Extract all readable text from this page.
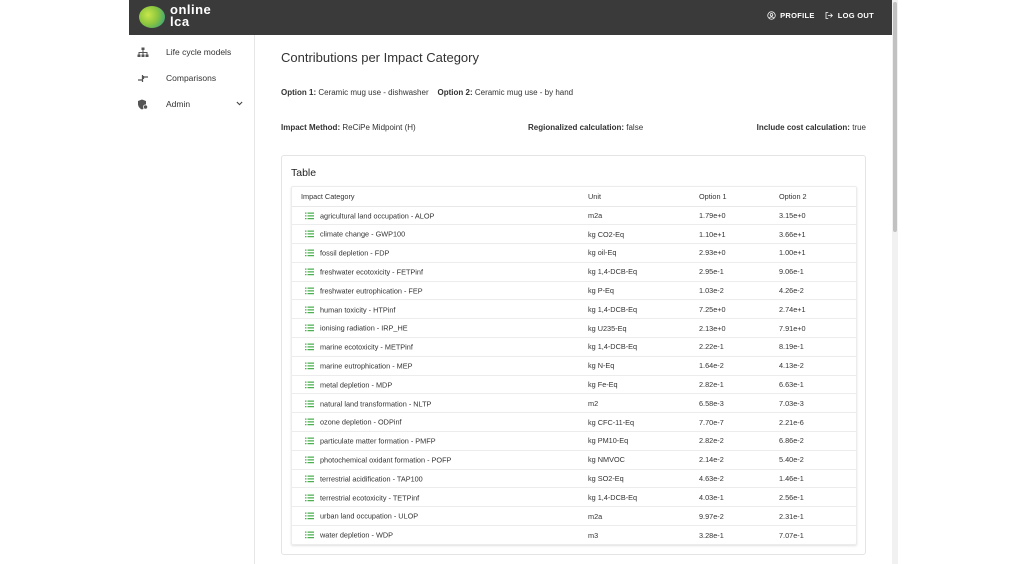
online
lca	PROFILE	LOG OUT
Life cycle models
Comparisons
Admin
Contributions per Impact Category
Option 1: Ceramic mug use - dishwasher Option 2: Ceramic mug use - by hand
Impact Method: ReCiPe Midpoint (H)	Regionalized calculation: false	Include cost calculation: true
Table
Impact Category	Unit	Option 1	Option 2
agricultural land occupation - ALOP	m2a	1.79e+0	3.15e+0
climate change - GWP100	kg CO2-Eq	1.10e+1	3.66e+1
fossil depletion - FDP	kg oil-Eq	2.93e+0	1.00e+1
freshwater ecotoxicity - FETPinf	kg 1,4-DCB-Eq	2.95e-1	9.06e-1
freshwater eutrophication - FEP	kg P-Eq	1.03e-2	4.26e-2
human toxicity - HTPinf	kg 1,4-DCB-Eq	7.25e+0	2.74e+1
ionising radiation - IRP_HE	kg U235-Eq	2.13e+0	7.91e+0
marine ecotoxicity - METPinf	kg 1,4-DCB-Eq	2.22e-1	8.19e-1
marine eutrophication - MEP	kg N-Eq	1.64e-2	4.13e-2
metal depletion - MDP	kg Fe-Eq	2.82e-1	6.63e-1
natural land transformation - NLTP	m2	6.58e-3	7.03e-3
ozone depletion - ODPinf	kg CFC-11-Eq	7.70e-7	2.21e-6
particulate matter formation - PMFP	kg PM10-Eq	2.82e-2	6.86e-2
photochemical oxidant formation - POFP	kg NMVOC	2.14e-2	5.40e-2
terrestrial acidification - TAP100	kg SO2-Eq	4.63e-2	1.46e-1
terrestrial ecotoxicity - TETPinf	kg 1,4-DCB-Eq	4.03e-1	2.56e-1
urban land occupation - ULOP	m2a	9.97e-2	2.31e-1
water depletion - WDP	m3	3.28e-1	7.07e-1
